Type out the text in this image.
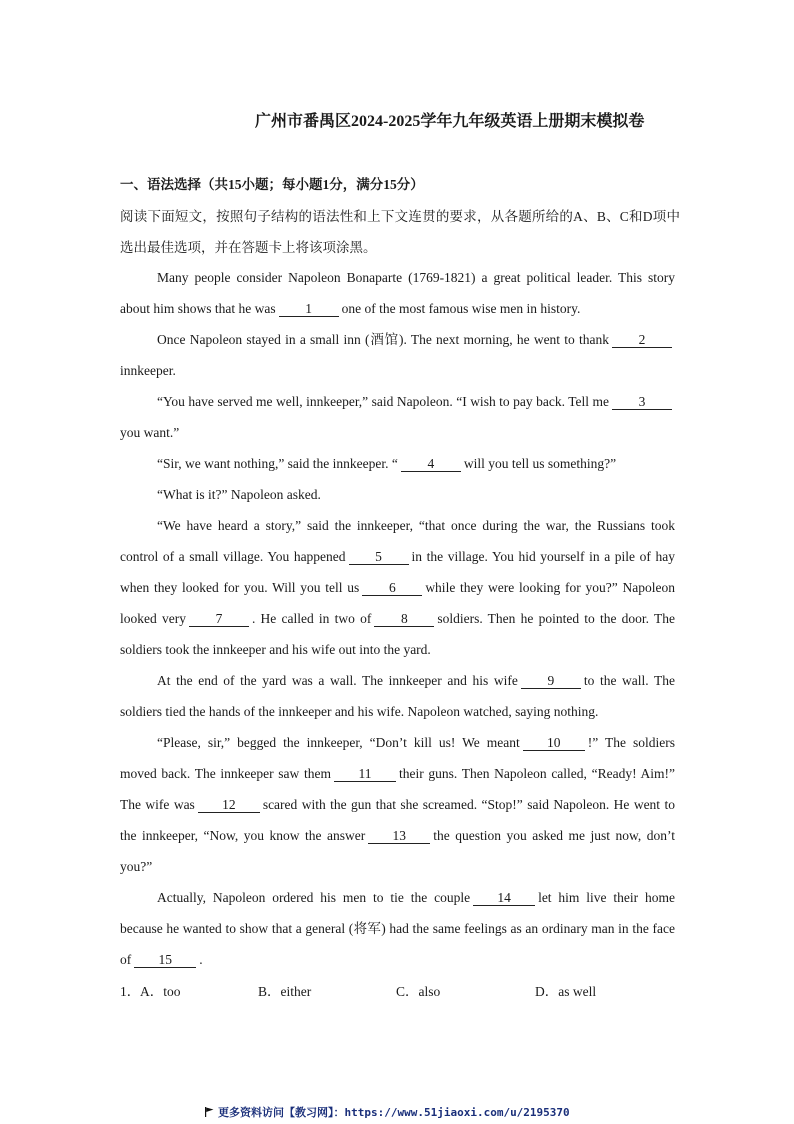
广州市番禺区2024-2025学年九年级英语上册期末模拟卷
一、语法选择（共15小题；每小题1分，满分15分）
阅读下面短文，按照句子结构的语法性和上下文连贯的要求，从各题所给的A、B、C和D项中选出最佳选项，并在答题卡上将该项涂黑。

Many people consider Napoleon Bonaparte (1769-1821) a great political leader. This story about him shows that he was 1 one of the most famous wise men in history.

Once Napoleon stayed in a small inn (酒馆). The next morning, he went to thank 2innkeeper.

“You have served me well, innkeeper,” said Napoleon. “I wish to pay back. Tell me 3you want.”

“Sir, we want nothing,” said the innkeeper. “ 4 will you tell us something?”

“What is it?” Napoleon asked.

“We have heard a story,” said the innkeeper, “that once during the war, the Russians took control of a small village. You happened 5 in the village. You hid yourself in a pile of hay when they looked for you. Will you tell us 6 while they were looking for you?” Napoleon looked very 7 . He called in two of 8 soldiers. Then he pointed to the door. The soldiers took the innkeeper and his wife out into the yard.

At the end of the yard was a wall. The innkeeper and his wife 9 to the wall. The soldiers tied the hands of the innkeeper and his wife. Napoleon watched, saying nothing.

“Please, sir,” begged the innkeeper, “Don’t kill us! We meant 10 !” The soldiers moved back. The innkeeper saw them 11 their guns. Then Napoleon called, “Ready! Aim!” The wife was 12 scared with the gun that she screamed. “Stop!” said Napoleon. He went to the innkeeper, “Now, you know the answer 13 the question you asked me just now, don’t you?”

Actually, Napoleon ordered his men to tie the couple 14 let him live their home because he wanted to show that a general (将军) had the same feelings as an ordinary man in the face of 15 .

1． A．too	B．either	C．also	D．as well
更多资料访问【教习网】：https://www.51jiaoxi.com/u/2195370
